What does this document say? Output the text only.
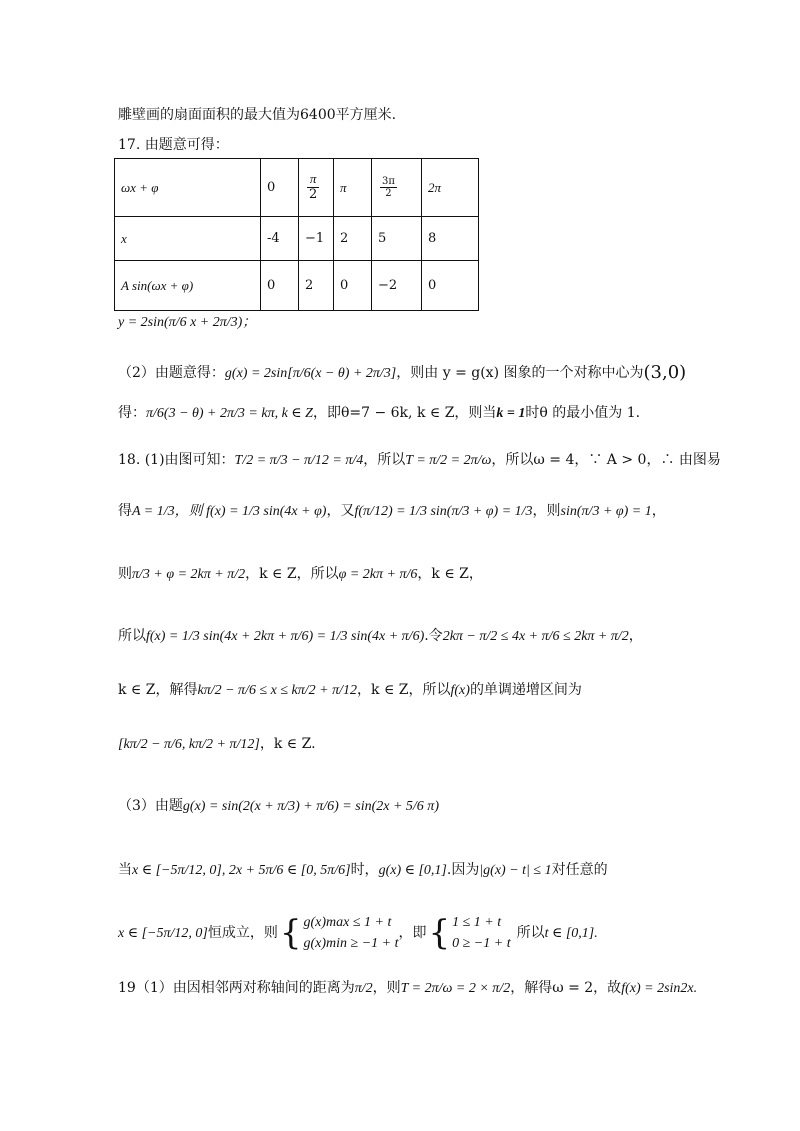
雕壁画的扇面面积的最大值为6400平方厘米.
17. 由题意可得：
ωx + φ	0	$\frac{\pi}{2}$	π	$\frac{3\pi}{2}$	2π
x	-4	−1	2	5	8
A sin(ωx + φ)	0	2	0	−2	0
y = 2sin(π/6 x + 2π/3)；
（2）由题意得：g(x) = 2sin[π/6(x − θ) + 2π/3]，则由 y = g(x) 图象的一个对称中心为(3,0)
得：π/6(3 − θ) + 2π/3 = kπ, k ∈ Z，即θ=7 − 6k, k ∈ Z，则当k = 1时θ 的最小值为 1.
18. (1)由图可知：T/2 = π/3 − π/12 = π/4，所以T = π/2 = 2π/ω，所以ω = 4，∵ A > 0，∴ 由图易
得A = 1/3，则 f(x) = 1/3 sin(4x + φ)，又f(π/12) = 1/3 sin(π/3 + φ) = 1/3，则sin(π/3 + φ) = 1，
则π/3 + φ = 2kπ + π/2，k ∈ Z，所以φ = 2kπ + π/6，k ∈ Z，
所以f(x) = 1/3 sin(4x + 2kπ + π/6) = 1/3 sin(4x + π/6).令2kπ − π/2 ≤ 4x + π/6 ≤ 2kπ + π/2，
k ∈ Z，解得kπ/2 − π/6 ≤ x ≤ kπ/2 + π/12，k ∈ Z，所以f(x)的单调递增区间为
[kπ/2 − π/6, kπ/2 + π/12]，k ∈ Z.
（3）由题g(x) = sin(2(x + π/3) + π/6) = sin(2x + 5/6 π)
当x ∈ [−5π/12, 0], 2x + 5π/6 ∈ [0, 5π/6]时，g(x) ∈ [0,1].因为|g(x) − t| ≤ 1对任意的
x ∈ [−5π/12, 0]恒成立，则{ g(x)max ≤ 1 + t
g(x)min ≥ −1 + t
，即{ 1 ≤ 1 + t
0 ≥ −1 + t
所以t ∈ [0,1].
19（1）由因相邻两对称轴间的距离为π/2，则T = 2π/ω = 2 × π/2，解得ω = 2，故f(x) = 2sin2x.
